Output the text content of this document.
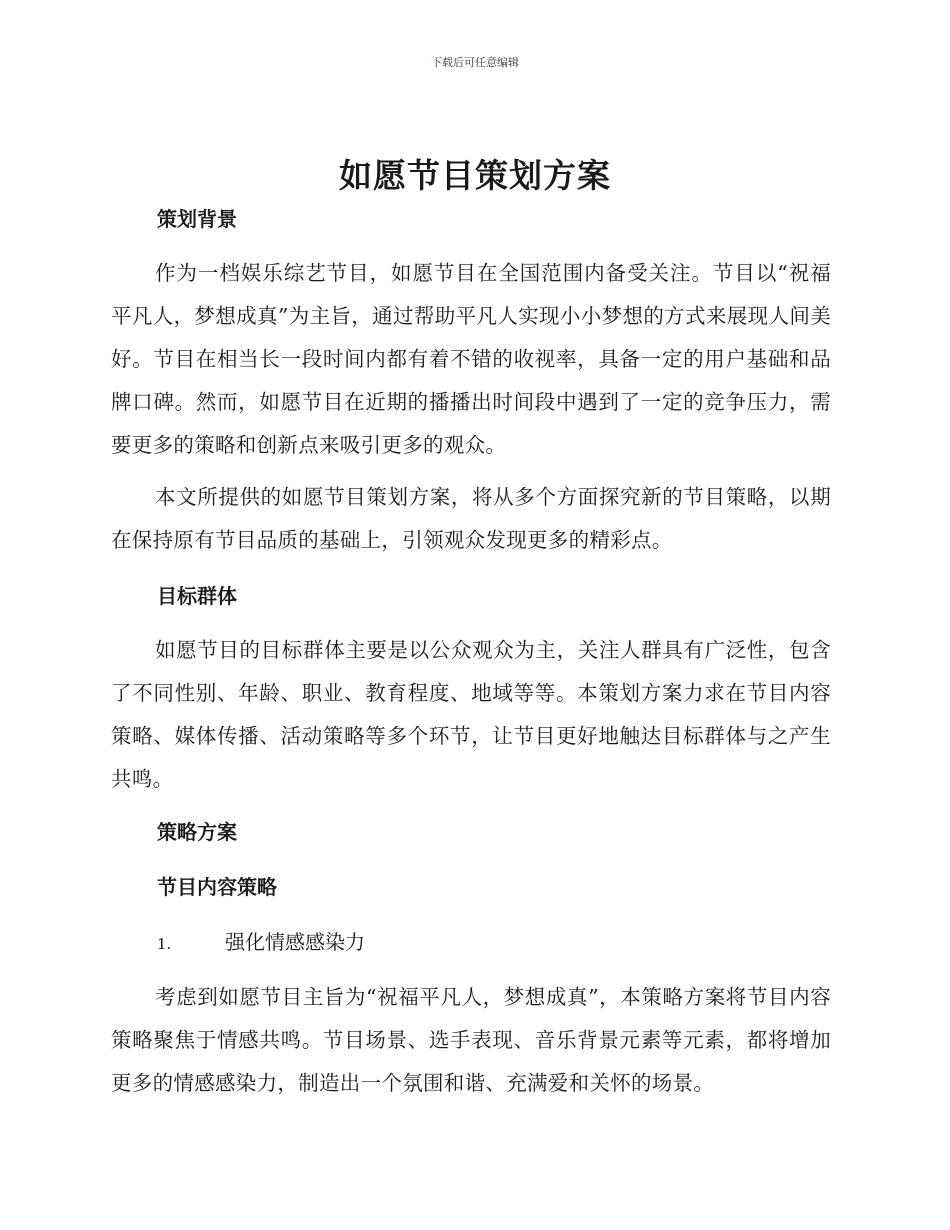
下载后可任意编辑
如愿节目策划方案
策划背景
作为一档娱乐综艺节目，如愿节目在全国范围内备受关注。节目以“祝福平凡人，梦想成真”为主旨，通过帮助平凡人实现小小梦想的方式来展现人间美好。节目在相当长一段时间内都有着不错的收视率，具备一定的用户基础和品牌口碑。然而，如愿节目在近期的播播出时间段中遇到了一定的竞争压力，需要更多的策略和创新点来吸引更多的观众。
本文所提供的如愿节目策划方案，将从多个方面探究新的节目策略，以期在保持原有节目品质的基础上，引领观众发现更多的精彩点。
目标群体
如愿节目的目标群体主要是以公众观众为主，关注人群具有广泛性，包含了不同性别、年龄、职业、教育程度、地域等等。本策划方案力求在节目内容策略、媒体传播、活动策略等多个环节，让节目更好地触达目标群体与之产生共鸣。
策略方案
节目内容策略
1.	强化情感感染力
考虑到如愿节目主旨为“祝福平凡人，梦想成真”，本策略方案将节目内容策略聚焦于情感共鸣。节目场景、选手表现、音乐背景元素等元素，都将增加更多的情感感染力，制造出一个氛围和谐、充满爱和关怀的场景。
